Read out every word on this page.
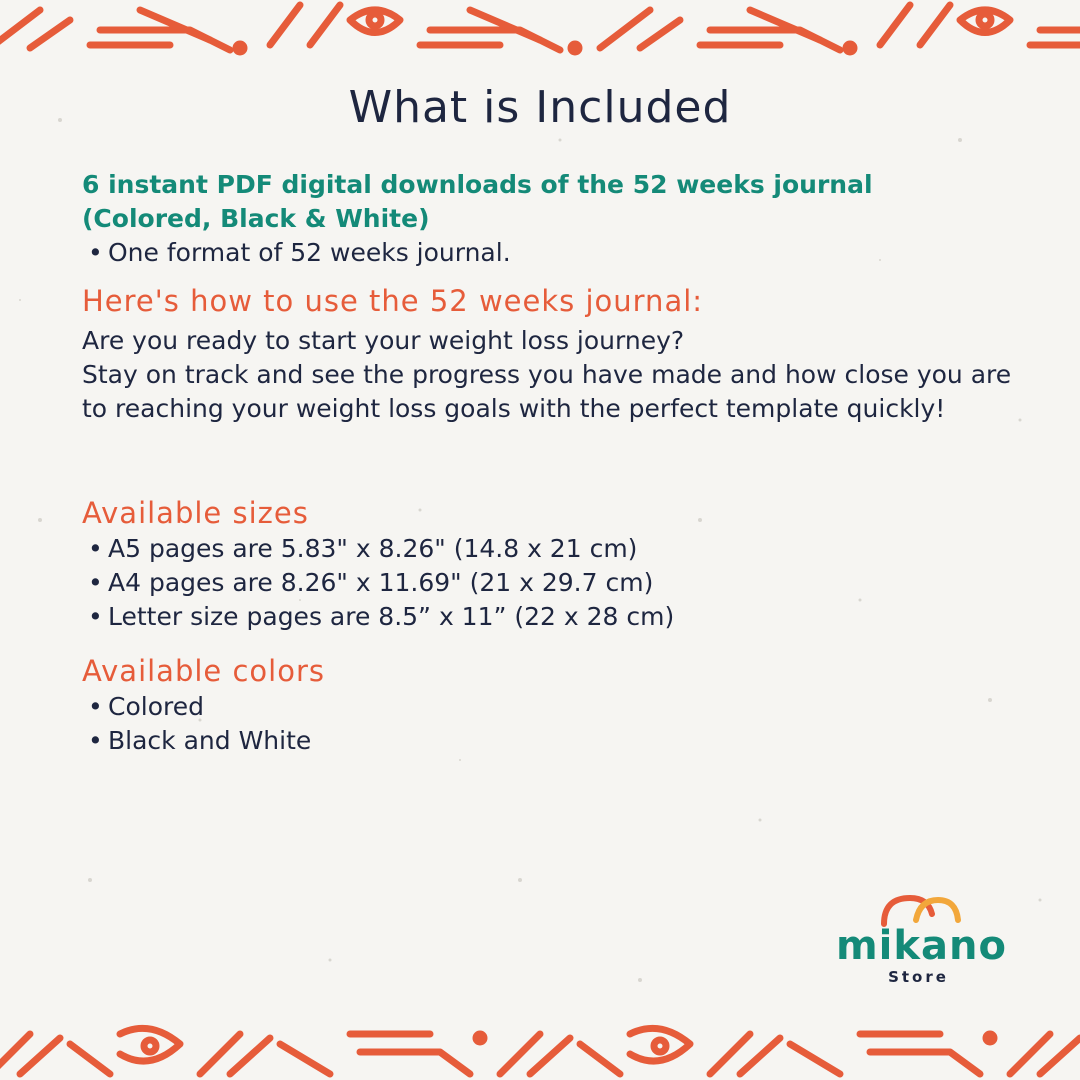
What is Included

6 instant PDF digital downloads of the 52 weeks journal

(Colored, Black & White)

• One format of 52 weeks journal.
Here's how to use the 52 weeks journal:

Are you ready to start your weight loss journey?

Stay on track and see the progress you have made and how close you are to reaching your weight loss goals with the perfect template quickly!

Available sizes
• A5 pages are 5.83" x 8.26" (14.8 x 21 cm)
• A4 pages are 8.26" x 11.69" (21 x 29.7 cm)
• Letter size pages are 8.5” x 11” (22 x 28 cm)
Available colors
• Colored
• Black and White
mikano
Store
